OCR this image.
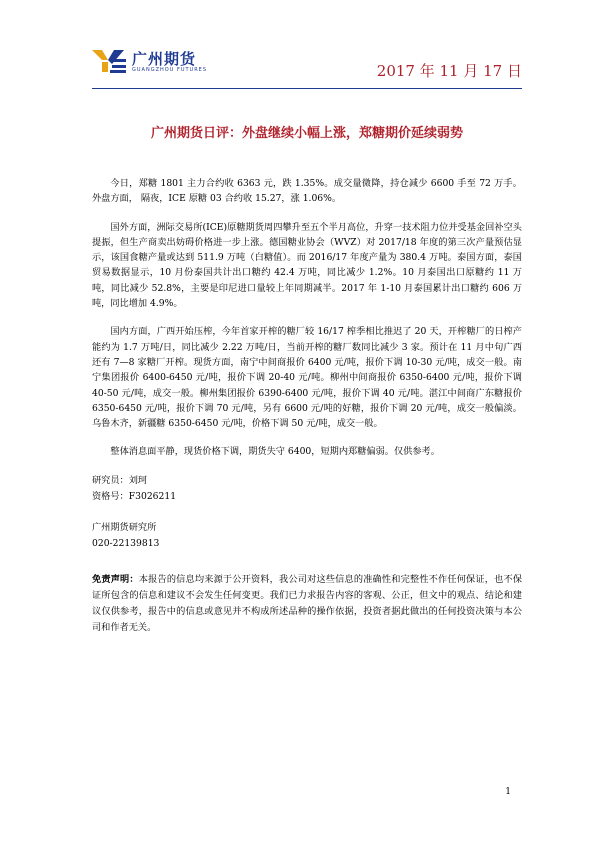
广州期货
GUANGZHOU FUTURES	2017 年 11 月 17 日
广州期货日评：外盘继续小幅上涨，郑糖期价延续弱势

今日，郑糖 1801 主力合约收 6363 元，跌 1.35%。成交量微降，持仓减少 6600 手至 72 万手。外盘方面， 隔夜，ICE 原糖 03 合约收 15.27，涨 1.06%。

国外方面，洲际交易所(ICE)原糖期货周四攀升至五个半月高位，升穿一技术阻力位并受基金回补空头提振，但生产商卖出妨碍价格进一步上涨。德国糖业协会（WVZ）对 2017/18 年度的第三次产量预估显示，该国食糖产量或达到 511.9 万吨（白糖值）。而 2016/17 年度产量为 380.4 万吨。泰国方面，泰国贸易数据显示，10 月份泰国共计出口糖约 42.4 万吨，同比减少 1.2%。10 月泰国出口原糖约 11 万吨，同比减少 52.8%，主要是印尼进口量较上年同期减半。2017 年 1-10 月泰国累计出口糖约 606 万吨，同比增加 4.9%。

国内方面，广西开始压榨，今年首家开榨的糖厂较 16/17 榨季相比推迟了 20 天，开榨糖厂的日榨产能约为 1.7 万吨/日，同比减少 2.22 万吨/日，当前开榨的糖厂数同比减少 3 家。预计在 11 月中旬广西还有 7—8 家糖厂开榨。现货方面，南宁中间商报价 6400 元/吨，报价下调 10-30 元/吨，成交一般。南宁集团报价 6400-6450 元/吨，报价下调 20-40 元/吨。柳州中间商报价 6350-6400 元/吨，报价下调 40-50 元/吨，成交一般。柳州集团报价 6390-6400 元/吨，报价下调 40 元/吨。湛江中间商广东糖报价 6350-6450 元/吨，报价下调 70 元/吨，另有 6600 元/吨的好糖，报价下调 20 元/吨，成交一般偏淡。乌鲁木齐，新疆糖 6350-6450 元/吨，价格下调 50 元/吨，成交一般。

整体消息面平静，现货价格下调，期货失守 6400，短期内郑糖偏弱。仅供参考。

研究员：刘珂

资格号：F3026211

广州期货研究所

020-22139813

免责声明：本报告的信息均来源于公开资料，我公司对这些信息的准确性和完整性不作任何保证，也不保证所包含的信息和建议不会发生任何变更。我们已力求报告内容的客观、公正，但文中的观点、结论和建议仅供参考，报告中的信息或意见并不构成所述品种的操作依据，投资者据此做出的任何投资决策与本公司和作者无关。

1
